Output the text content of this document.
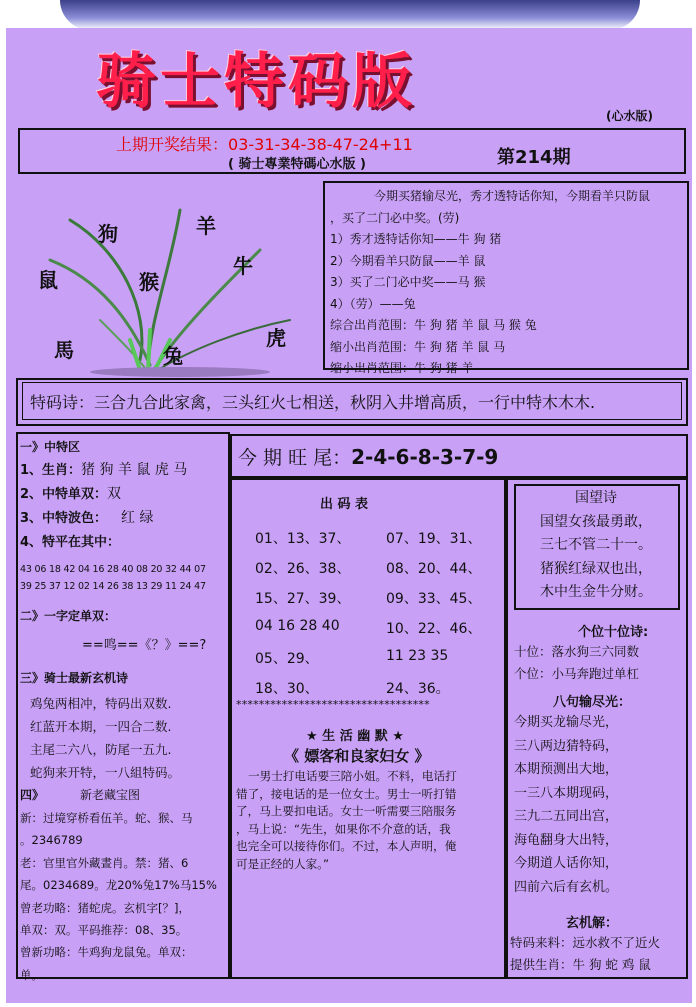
骑士特码版	(心水版)
上期开奖结果：03-31-34-38-47-24+11
( 骑士專業特碼心水版 )	第214期
狗	羊
牛
鼠	猴
馬	兔
虎
今期买猪输尽光，秀才透特话你知，今期看羊只防鼠
，买了二门必中奖。(劳)
1）秀才透特话你知——牛 狗 猪
2）今期看羊只防鼠——羊 鼠
3）买了二门必中奖——马 猴
4）（劳）——兔
综合出肖范围：牛 狗 猪 羊 鼠 马 猴 兔
缩小出肖范围：牛 狗 猪 羊 鼠 马
缩小出肖范围：牛 狗 猪 羊
特码诗：三合九合此家禽，三头红火七相送，秋阴入井增高质，一行中特木木木.
一》中特区
1、生肖：猪 狗 羊 鼠 虎 马
2、中特单双：双
3、中特波色： 红 绿
4、特平在其中：
43 06 18 42 04 16 28 40 08 20 32 44 07
39 25 37 12 02 14 26 38 13 29 11 24 47
二》一字定单双：
==鸣==《？》==?
三》骑士最新玄机诗
鸡兔两相冲，特码出双数.
红蓝开本期，一四合二数.
主尾二六八，防尾一五九.
蛇狗来开特，一八組特码。
四》	新老藏宝图
新：过境穿桥看伍羊。蛇、猴、马
。2346789
老：官里官外藏晝肖。禁：猪、6
尾。0234689。龙20%兔17%马15%
曾老功略：猪蛇虎。玄机字[？]，
单双：双。平码推荐：08、35。
曾新功略：牛鸡狗龙鼠兔。单双：
单。
今 期 旺 尾：2-4-6-8-3-7-9
出 码 表
01、13、37、	07、19、31、
02、26、38、	08、20、44、
15、27、39、	09、33、45、
04 16 28 40	10、22、46、
05、29、	11 23 35
18、30、	24、36。
**********************************
★ 生 活 幽 默 ★
《 嫖客和良家妇女 》
一男士打电话要三陪小姐。不料，电话打
错了，接电话的是一位女士。男士一听打错
了，马上要扣电话。女士一听需要三陪服务
，马上说：“先生，如果你不介意的话，我
也完全可以接待你们。不过，本人声明，俺
可是正经的人家。”
国望诗
国望女孩最勇敢，
三七不管二十一。
猪猴红绿双也出，
木中生金牛分财。
个位十位诗:
十位：落水狗三六同数
个位：小马奔跑过单杠
八句输尽光：
今期买龙输尽光，
三八两边猜特码，
本期预测出大地，
一三八本期现码，
三九二五同出宫，
海龟翻身大出特，
今期道人话你知，
四前六后有玄机。
玄机解：
特码来料：远水救不了近火
提供生肖：牛 狗 蛇 鸡 鼠
